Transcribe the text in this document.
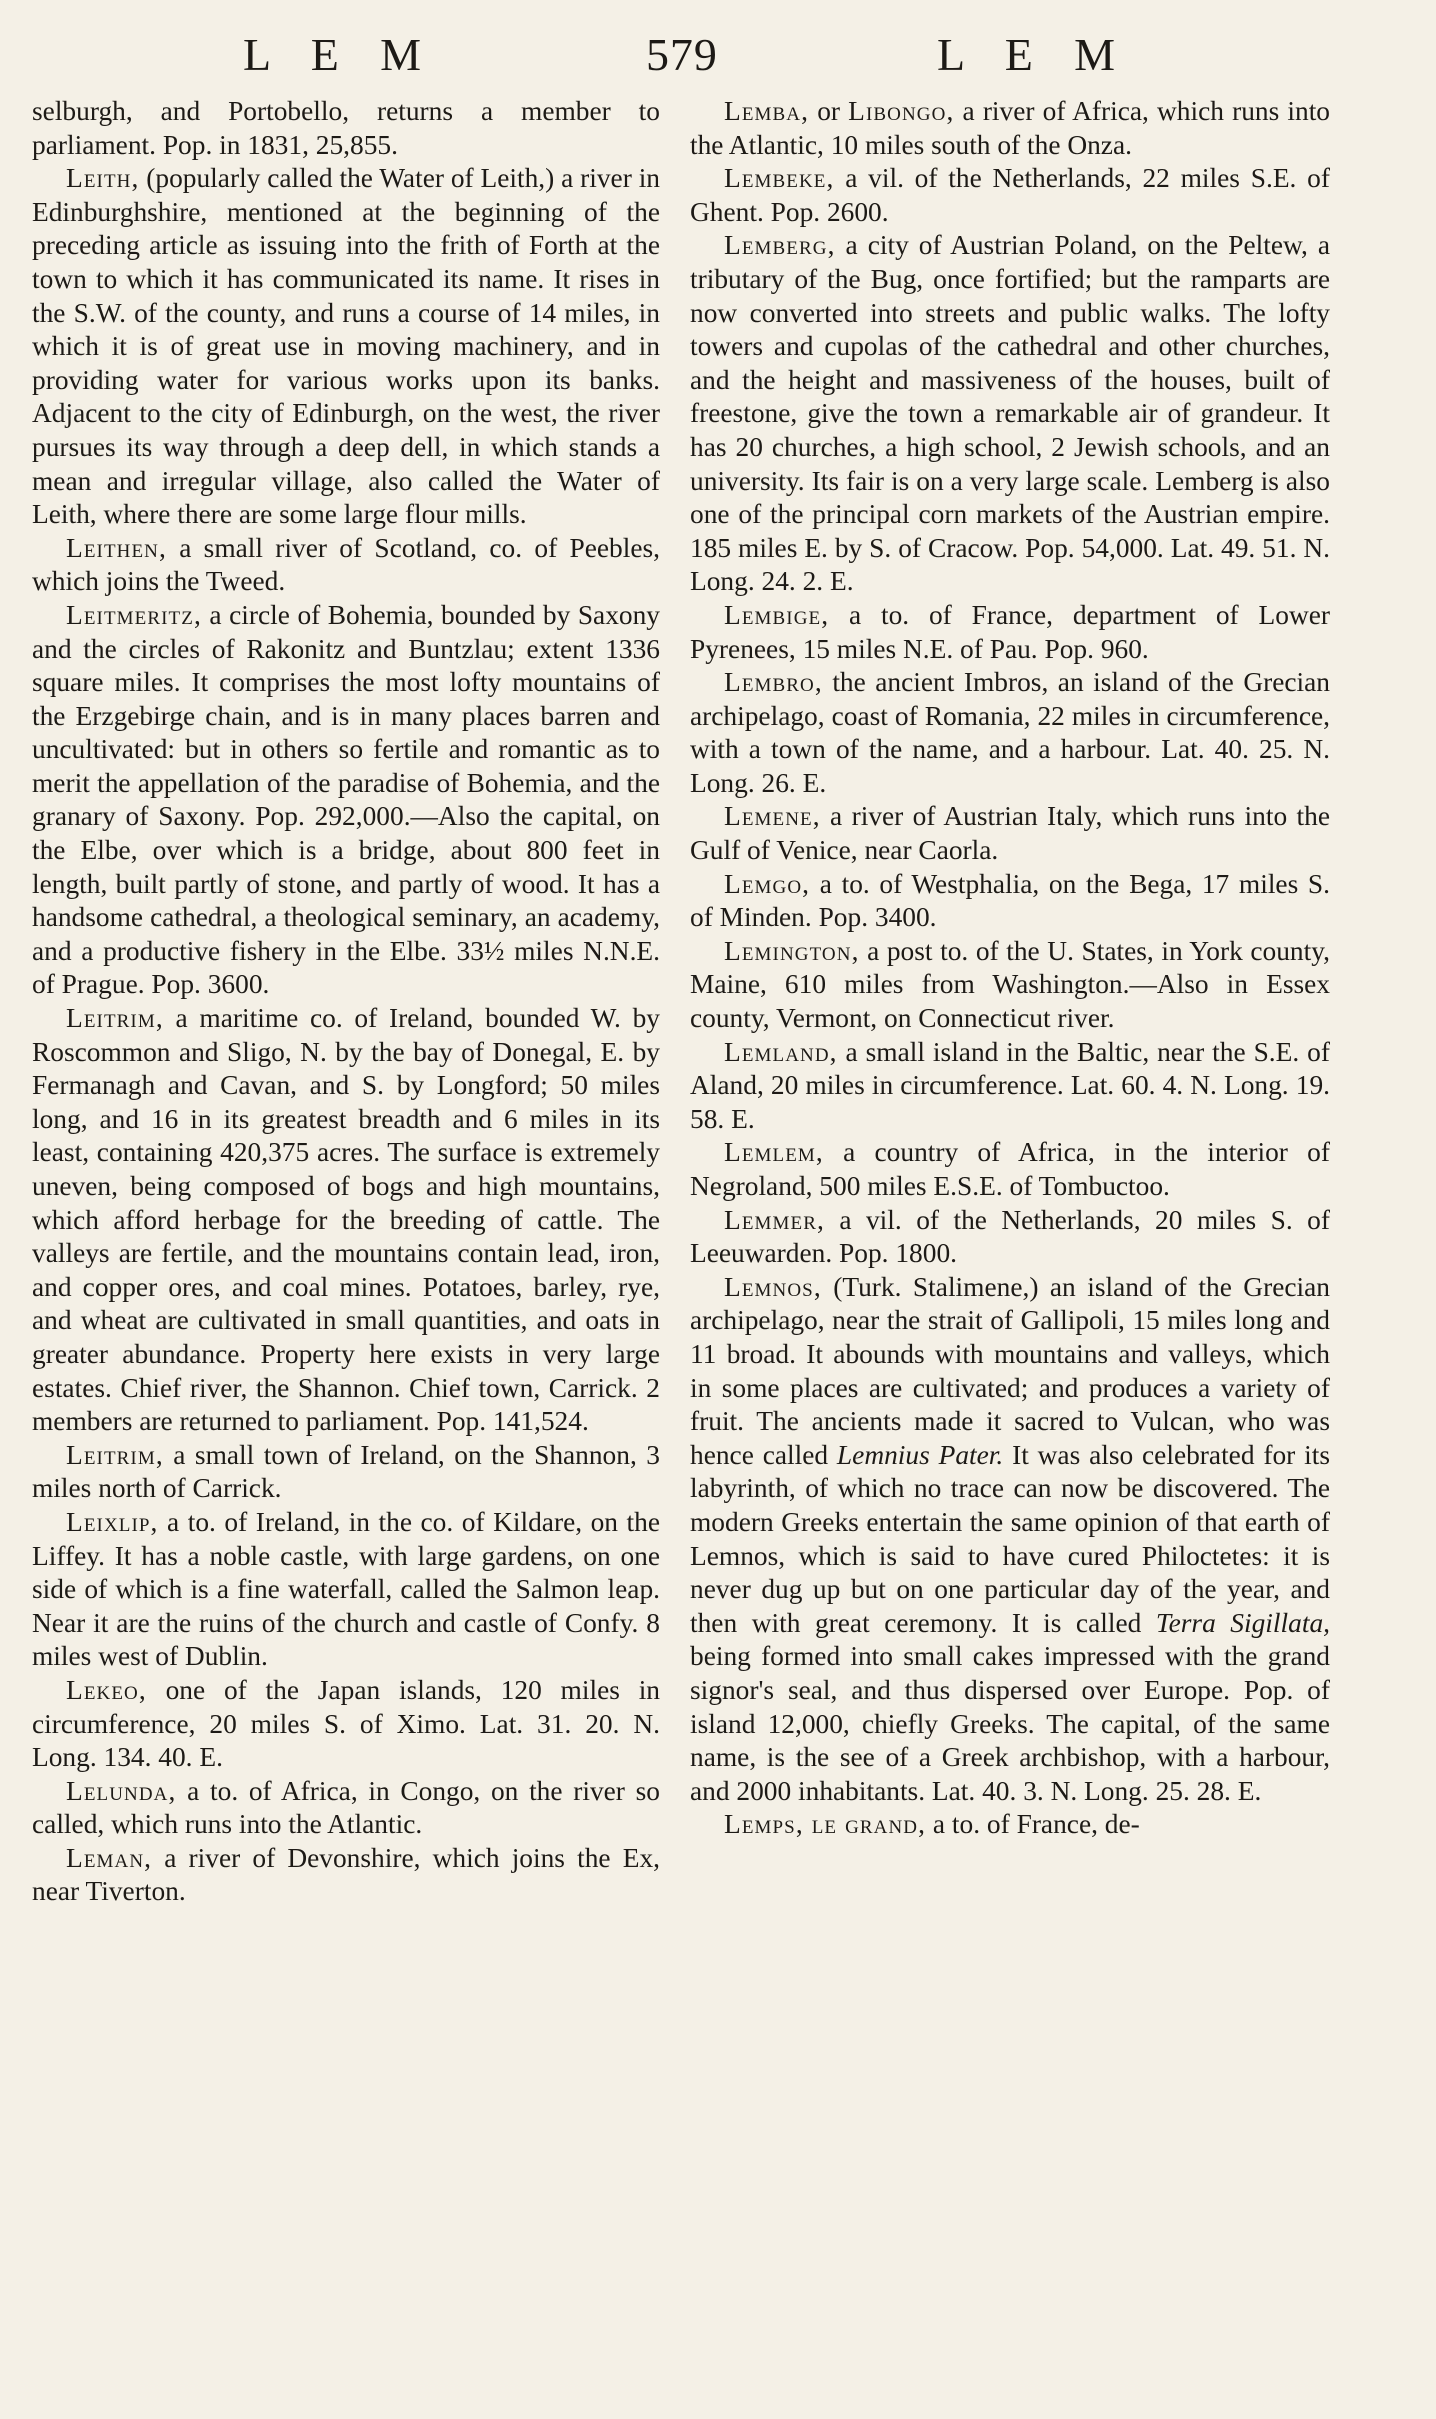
L E M	579	L E M

selburgh, and Portobello, returns a member to parliament. Pop. in 1831, 25,855.

Leith, (popularly called the Water of Leith,) a river in Edinburghshire, mentioned at the beginning of the preceding article as issuing into the frith of Forth at the town to which it has communicated its name. It rises in the S.W. of the county, and runs a course of 14 miles, in which it is of great use in moving machinery, and in providing water for various works upon its banks. Adjacent to the city of Edinburgh, on the west, the river pursues its way through a deep dell, in which stands a mean and irregular village, also called the Water of Leith, where there are some large flour mills.

Leithen, a small river of Scotland, co. of Peebles, which joins the Tweed.

Leitmeritz, a circle of Bohemia, bounded by Saxony and the circles of Rakonitz and Buntzlau; extent 1336 square miles. It comprises the most lofty mountains of the Erzgebirge chain, and is in many places barren and uncultivated: but in others so fertile and romantic as to merit the appellation of the paradise of Bohemia, and the granary of Saxony. Pop. 292,000.—Also the capital, on the Elbe, over which is a bridge, about 800 feet in length, built partly of stone, and partly of wood. It has a handsome cathedral, a theological seminary, an academy, and a productive fishery in the Elbe. 33½ miles N.N.E. of Prague. Pop. 3600.

Leitrim, a maritime co. of Ireland, bounded W. by Roscommon and Sligo, N. by the bay of Donegal, E. by Fermanagh and Cavan, and S. by Longford; 50 miles long, and 16 in its greatest breadth and 6 miles in its least, containing 420,375 acres. The surface is extremely uneven, being composed of bogs and high mountains, which afford herbage for the breeding of cattle. The valleys are fertile, and the mountains contain lead, iron, and copper ores, and coal mines. Potatoes, barley, rye, and wheat are cultivated in small quantities, and oats in greater abundance. Property here exists in very large estates. Chief river, the Shannon. Chief town, Carrick. 2 members are returned to parliament. Pop. 141,524.

Leitrim, a small town of Ireland, on the Shannon, 3 miles north of Carrick.

Leixlip, a to. of Ireland, in the co. of Kildare, on the Liffey. It has a noble castle, with large gardens, on one side of which is a fine waterfall, called the Salmon leap. Near it are the ruins of the church and castle of Confy. 8 miles west of Dublin.

Lekeo, one of the Japan islands, 120 miles in circumference, 20 miles S. of Ximo. Lat. 31. 20. N. Long. 134. 40. E.

Lelunda, a to. of Africa, in Congo, on the river so called, which runs into the Atlantic.

Leman, a river of Devonshire, which joins the Ex, near Tiverton.

Lemba, or Libongo, a river of Africa, which runs into the Atlantic, 10 miles south of the Onza.

Lembeke, a vil. of the Netherlands, 22 miles S.E. of Ghent. Pop. 2600.

Lemberg, a city of Austrian Poland, on the Peltew, a tributary of the Bug, once fortified; but the ramparts are now converted into streets and public walks. The lofty towers and cupolas of the cathedral and other churches, and the height and massiveness of the houses, built of freestone, give the town a remarkable air of grandeur. It has 20 churches, a high school, 2 Jewish schools, and an university. Its fair is on a very large scale. Lemberg is also one of the principal corn markets of the Austrian empire. 185 miles E. by S. of Cracow. Pop. 54,000. Lat. 49. 51. N. Long. 24. 2. E.

Lembige, a to. of France, department of Lower Pyrenees, 15 miles N.E. of Pau. Pop. 960.

Lembro, the ancient Imbros, an island of the Grecian archipelago, coast of Romania, 22 miles in circumference, with a town of the name, and a harbour. Lat. 40. 25. N. Long. 26. E.

Lemene, a river of Austrian Italy, which runs into the Gulf of Venice, near Caorla.

Lemgo, a to. of Westphalia, on the Bega, 17 miles S. of Minden. Pop. 3400.

Lemington, a post to. of the U. States, in York county, Maine, 610 miles from Washington.—Also in Essex county, Vermont, on Connecticut river.

Lemland, a small island in the Baltic, near the S.E. of Aland, 20 miles in circumference. Lat. 60. 4. N. Long. 19. 58. E.

Lemlem, a country of Africa, in the interior of Negroland, 500 miles E.S.E. of Tombuctoo.

Lemmer, a vil. of the Netherlands, 20 miles S. of Leeuwarden. Pop. 1800.

Lemnos, (Turk. Stalimene,) an island of the Grecian archipelago, near the strait of Gallipoli, 15 miles long and 11 broad. It abounds with mountains and valleys, which in some places are cultivated; and produces a variety of fruit. The ancients made it sacred to Vulcan, who was hence called Lemnius Pater. It was also celebrated for its labyrinth, of which no trace can now be discovered. The modern Greeks entertain the same opinion of that earth of Lemnos, which is said to have cured Philoctetes: it is never dug up but on one particular day of the year, and then with great ceremony. It is called Terra Sigillata, being formed into small cakes impressed with the grand signor's seal, and thus dispersed over Europe. Pop. of island 12,000, chiefly Greeks. The capital, of the same name, is the see of a Greek archbishop, with a harbour, and 2000 inhabitants. Lat. 40. 3. N. Long. 25. 28. E.

Lemps, le grand, a to. of France, de-
